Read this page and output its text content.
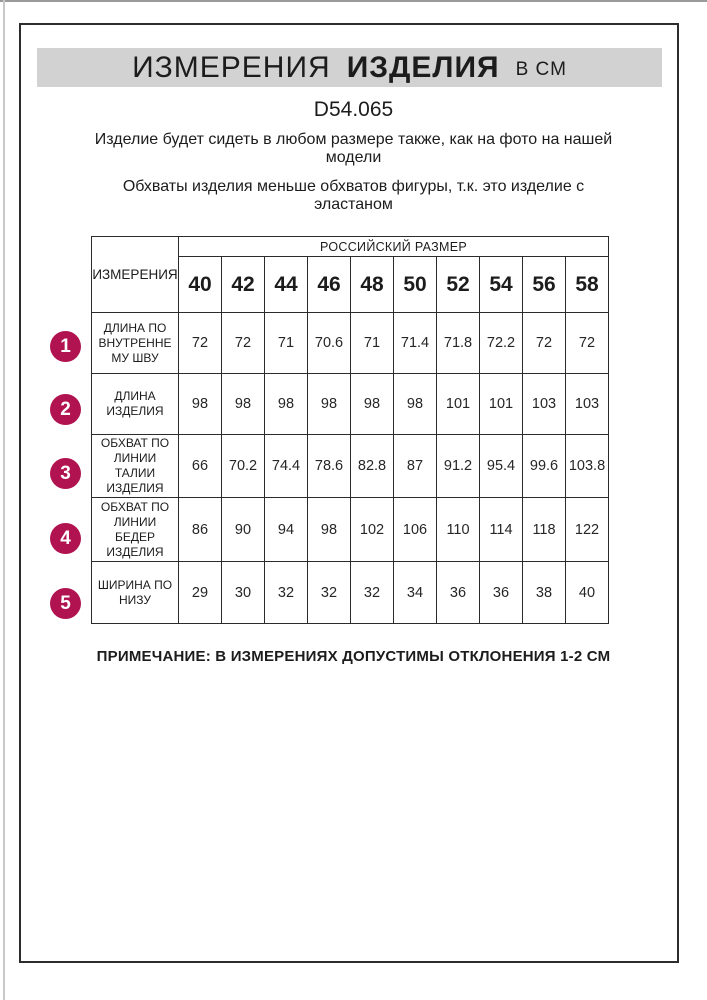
ИЗМЕРЕНИЯ ИЗДЕЛИЯ В СМ
D54.065
Изделие будет сидеть в любом размере также, как на фото на нашей
модели
Обхваты изделия меньше обхватов фигуры, т.к. это изделие с
эластаном
ИЗМЕРЕНИЯ	РОССИЙСКИЙ РАЗМЕР									
	40	42	44	46	48	50	52	54	56	58
ДЛИНА ПО
ВНУТРЕННЕ
МУ ШВУ	72	72	71	70.6	71	71.4	71.8	72.2	72	72
ДЛИНА
ИЗДЕЛИЯ	98	98	98	98	98	98	101	101	103	103
ОБХВАТ ПО
ЛИНИИ
ТАЛИИ
ИЗДЕЛИЯ	66	70.2	74.4	78.6	82.8	87	91.2	95.4	99.6	103.8
ОБХВАТ ПО
ЛИНИИ
БЕДЕР
ИЗДЕЛИЯ	86	90	94	98	102	106	110	114	118	122
ШИРИНА ПО
НИЗУ	29	30	32	32	32	34	36	36	38	40
1
2
3
4
5
ПРИМЕЧАНИЕ: В ИЗМЕРЕНИЯХ ДОПУСТИМЫ ОТКЛОНЕНИЯ 1-2 СМ
